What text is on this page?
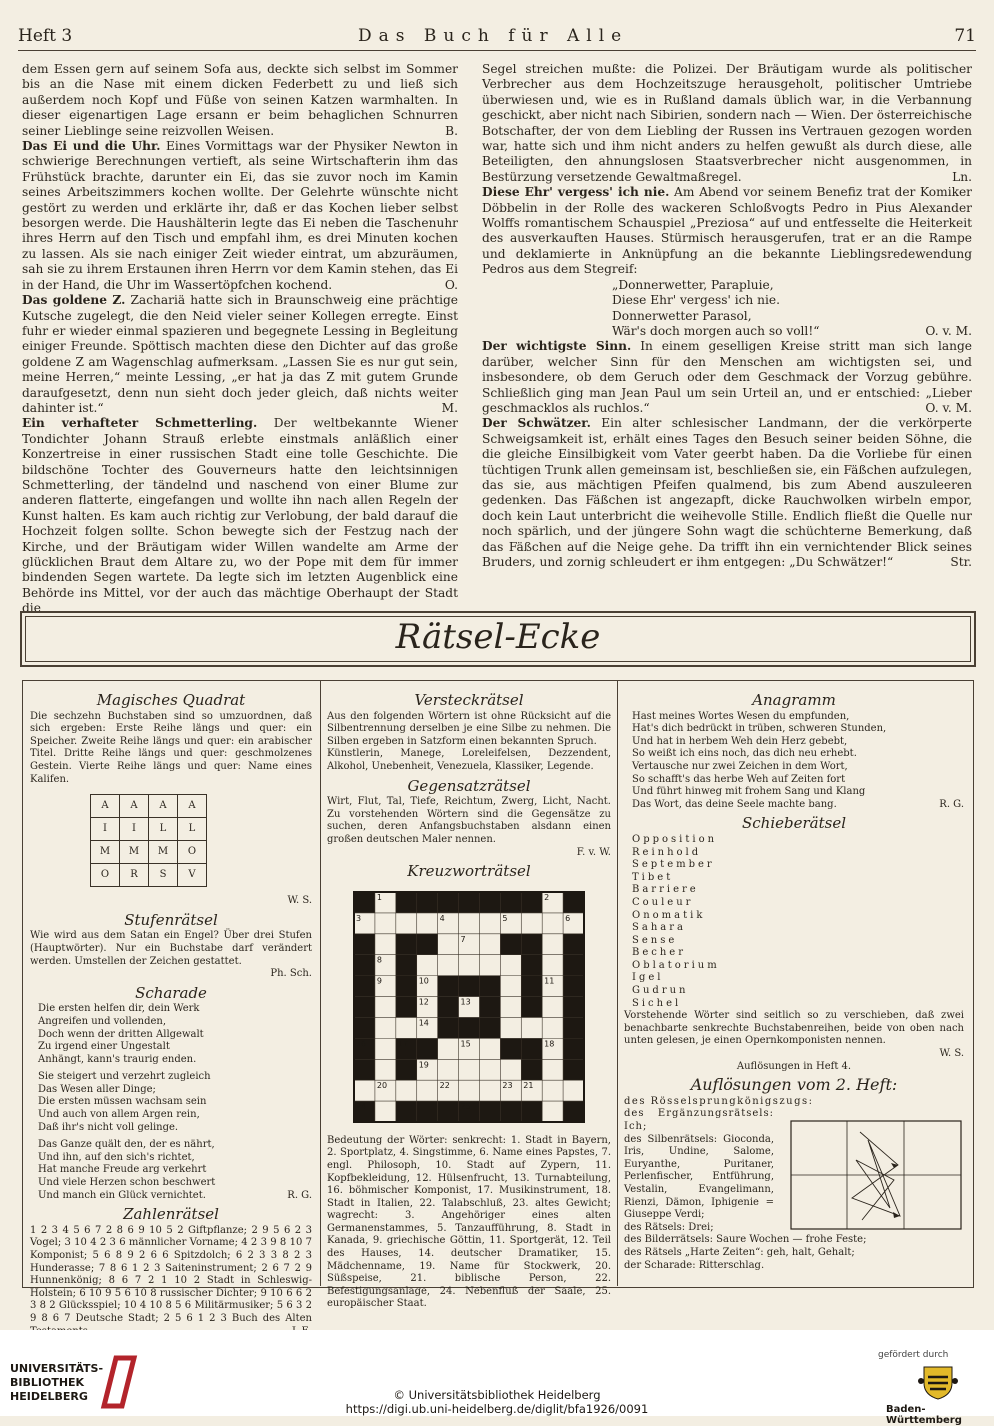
Heft 3	Das Buch für Alle	71

dem Essen gern auf seinem Sofa aus, deckte sich selbst im Sommer bis an die Nase mit einem dicken Federbett zu und ließ sich außerdem noch Kopf und Füße von seinen Katzen warmhalten. In dieser eigenartigen Lage ersann er beim behaglichen Schnurren seiner Lieblinge seine reizvollen Weisen.	B.

Das Ei und die Uhr. Eines Vormittags war der Physiker Newton in schwierige Berechnungen vertieft, als seine Wirtschafterin ihm das Frühstück brachte, darunter ein Ei, das sie zuvor noch im Kamin seines Arbeitszimmers kochen wollte. Der Gelehrte wünschte nicht gestört zu werden und erklärte ihr, daß er das Kochen lieber selbst besorgen werde. Die Haushälterin legte das Ei neben die Taschenuhr ihres Herrn auf den Tisch und empfahl ihm, es drei Minuten kochen zu lassen. Als sie nach einiger Zeit wieder eintrat, um abzuräumen, sah sie zu ihrem Erstaunen ihren Herrn vor dem Kamin stehen, das Ei in der Hand, die Uhr im Wassertöpfchen kochend.	O.

Das goldene Z. Zachariä hatte sich in Braunschweig eine prächtige Kutsche zugelegt, die den Neid vieler seiner Kollegen erregte. Einst fuhr er wieder einmal spazieren und begegnete Lessing in Begleitung einiger Freunde. Spöttisch machten diese den Dichter auf das große goldene Z am Wagenschlag aufmerksam. „Lassen Sie es nur gut sein, meine Herren,“ meinte Lessing, „er hat ja das Z mit gutem Grunde daraufgesetzt, denn nun sieht doch jeder gleich, daß nichts weiter dahinter ist.“	M.

Ein verhafteter Schmetterling. Der weltbekannte Wiener Tondichter Johann Strauß erlebte einstmals anläßlich einer Konzertreise in einer russischen Stadt eine tolle Geschichte. Die bildschöne Tochter des Gouverneurs hatte den leichtsinnigen Schmetterling, der tändelnd und naschend von einer Blume zur anderen flatterte, eingefangen und wollte ihn nach allen Regeln der Kunst halten. Es kam auch richtig zur Verlobung, der bald darauf die Hochzeit folgen sollte. Schon bewegte sich der Festzug nach der Kirche, und der Bräutigam wider Willen wandelte am Arme der glücklichen Braut dem Altare zu, wo der Pope mit dem für immer bindenden Segen wartete. Da legte sich im letzten Augenblick eine Behörde ins Mittel, vor der auch das mächtige Oberhaupt der Stadt die

Segel streichen mußte: die Polizei. Der Bräutigam wurde als politischer Verbrecher aus dem Hochzeitszuge herausgeholt, politischer Umtriebe überwiesen und, wie es in Rußland damals üblich war, in die Verbannung geschickt, aber nicht nach Sibirien, sondern nach — Wien. Der österreichische Botschafter, der von dem Liebling der Russen ins Vertrauen gezogen worden war, hatte sich und ihm nicht anders zu helfen gewußt als durch diese, alle Beteiligten, den ahnungslosen Staatsverbrecher nicht ausgenommen, in Bestürzung versetzende Gewaltmaßregel.	Ln.

Diese Ehr' vergess' ich nie. Am Abend vor seinem Benefiz trat der Komiker Döbbelin in der Rolle des wackeren Schloßvogts Pedro in Pius Alexander Wolffs romantischem Schauspiel „Preziosa“ auf und entfesselte die Heiterkeit des ausverkauften Hauses. Stürmisch herausgerufen, trat er an die Rampe und deklamierte in Anknüpfung an die bekannte Lieblingsredewendung Pedros aus dem Stegreif:

„Donnerwetter, Parapluie,
Diese Ehr' vergess' ich nie.
Donnerwetter Parasol,
Wär's doch morgen auch so voll!“	O. v. M.

Der wichtigste Sinn. In einem geselligen Kreise stritt man sich lange darüber, welcher Sinn für den Menschen am wichtigsten sei, und insbesondere, ob dem Geruch oder dem Geschmack der Vorzug gebühre. Schließlich ging man Jean Paul um sein Urteil an, und er entschied: „Lieber geschmacklos als ruchlos.“	O. v. M.

Der Schwätzer. Ein alter schlesischer Landmann, der die verkörperte Schweigsamkeit ist, erhält eines Tages den Besuch seiner beiden Söhne, die die gleiche Einsilbigkeit vom Vater geerbt haben. Da die Vorliebe für einen tüchtigen Trunk allen gemeinsam ist, beschließen sie, ein Fäßchen aufzulegen, das sie, aus mächtigen Pfeifen qualmend, bis zum Abend auszuleeren gedenken. Das Fäßchen ist angezapft, dicke Rauchwolken wirbeln empor, doch kein Laut unterbricht die weihevolle Stille. Endlich fließt die Quelle nur noch spärlich, und der jüngere Sohn wagt die schüchterne Bemerkung, daß das Fäßchen auf die Neige gehe. Da trifft ihn ein vernichtender Blick seines Bruders, und zornig schleudert er ihm entgegen: „Du Schwätzer!“	Str.

Rätsel-Ecke
Magisches Quadrat

Die sechzehn Buchstaben sind so umzuordnen, daß sich ergeben: Erste Reihe längs und quer: ein Speicher. Zweite Reihe längs und quer: ein arabischer Titel. Dritte Reihe längs und quer: geschmolzenes Gestein. Vierte Reihe längs und quer: Name eines Kalifen.

A	A	A	A
I	I	L	L
M	M	M	O
O	R	S	V

W. S.

Stufenrätsel

Wie wird aus dem Satan ein Engel? Über drei Stufen (Hauptwörter). Nur ein Buchstabe darf verändert werden. Umstellen der Zeichen gestattet.

Ph. Sch.

Scharade
Die ersten helfen dir, dein Werk
Angreifen und vollenden,
Doch wenn der dritten Allgewalt
Zu irgend einer Ungestalt
Anhängt, kann's traurig enden.
Sie steigert und verzehrt zugleich
Das Wesen aller Dinge;
Die ersten müssen wachsam sein
Und auch von allem Argen rein,
Daß ihr's nicht voll gelinge.
Das Ganze quält den, der es nährt,
Und ihn, auf den sich's richtet,
Hat manche Freude arg verkehrt
Und viele Herzen schon beschwert
Und manch ein Glück vernichtet.	R. G.
Zahlenrätsel

1 2 3 4 5 6 7 2 8 6 9 10 5 2 Giftpflanze; 2 9 5 6 2 3 Vogel; 3 10 4 2 3 6 männlicher Vorname; 4 2 3 9 8 10 7 Komponist; 5 6 8 9 2 6 6 Spitzdolch; 6 2 3 3 8 2 3 Hunderasse; 7 8 6 1 2 3 Saiteninstrument; 2 6 7 2 9 Hunnenkönig; 8 6 7 2 1 10 2 Stadt in Schleswig-Holstein; 6 10 9 5 6 10 8 russischer Dichter; 9 10 6 6 2 3 8 2 Glücksspiel; 10 4 10 8 5 6 Militärmusiker; 5 6 3 2 9 8 6 7 Deutsche Stadt; 2 5 6 1 2 3 Buch des Alten

Versteckrätsel

Aus den folgenden Wörtern ist ohne Rücksicht auf die Silbentrennung derselben je eine Silbe zu nehmen. Die Silben ergeben in Satzform einen bekannten Spruch.

Künstlerin, Manege, Loreleifelsen, Dezzendent, Alkohol, Unebenheit, Venezuela, Klassiker, Legende.

Gegensatzrätsel

Wirt, Flut, Tal, Tiefe, Reichtum, Zwerg, Licht, Nacht. Zu vorstehenden Wörtern sind die Gegensätze zu suchen, deren Anfangsbuchstaben alsdann einen großen deutschen Maler nennen.

F. v. W.

Kreuzworträtsel
1	2
3	4	5	6
7
8
9	10	11
12	13
14
15
16	17	18
19
20	21
22	23
24	25

Bedeutung der Wörter: senkrecht: 1. Stadt in Bayern, 2. Sportplatz, 4. Singstimme, 6. Name eines Papstes, 7. engl. Philosoph, 10. Stadt auf Zypern, 11. Kopfbekleidung, 12. Hülsenfrucht, 13. Turnabteilung, 16. böhmischer Komponist, 17. Musikinstrument, 18. Stadt in Italien, 22. Talabschluß, 23. altes Gewicht; wagrecht: 3. Angehöriger eines alten Germanenstammes, 5. Tanzaufführung, 8. Stadt in Kanada, 9. griechische Göttin, 11. Sportgerät, 12. Teil des Hauses, 14. deutscher Dramatiker, 15. Mädchenname, 19. Name für Stockwerk, 20. Süßspeise, 21. biblische Person, 22. Befestigungsanlage, 24. Nebenfluß der Saale, 25. europäischer Staat.

Anagramm
Hast meines Wortes Wesen du empfunden,
Hat's dich bedrückt in trüben, schweren Stunden,
Und hat in herbem Weh dein Herz gebebt,
So weißt ich eins noch, das dich neu erhebt.
Vertausche nur zwei Zeichen in dem Wort,
So schafft's das herbe Weh auf Zeiten fort
Und führt hinweg mit frohem Sang und Klang
Das Wort, das deine Seele machte bang.	R. G.
Schieberätsel
Opposition
Reinhold
September
Tibet
Barriere
Couleur
Onomatik
Sahara
Sense
Becher
Oblatorium
Igel
Gudrun
Sichel

Vorstehende Wörter sind seitlich so zu verschieben, daß zwei benachbarte senkrechte Buchstabenreihen, beide von oben nach unten gelesen, je einen Opernkomponisten nennen.

W. S.

Auflösungen in Heft 4.

Auflösungen vom 2. Heft:

des Rösselsprungkönigszugs:

des Ergänzungsrätsels: Ich;

des Silbenrätsels: Gioconda, Iris, Undine, Salome, Euryanthe, Puritaner, Perlenfischer, Entführung, Vestalin, Evangelimann, Rienzi, Dämon, Iphigenie = Giuseppe Verdi;

des Rätsels: Drei;

des Bilderrätsels: Saure Wochen — frohe Feste;

des Rätsels „Harte Zeiten“: geh, halt, Gehalt;

der Scharade: Ritterschlag.

UNIVERSITÄTS-
BIBLIOTHEK
HEIDELBERG	© Universitätsbibliothek Heidelberg
https://digi.ub.uni-heidelberg.de/diglit/bfa1926/0091
gefördert durch
Baden-Württemberg
